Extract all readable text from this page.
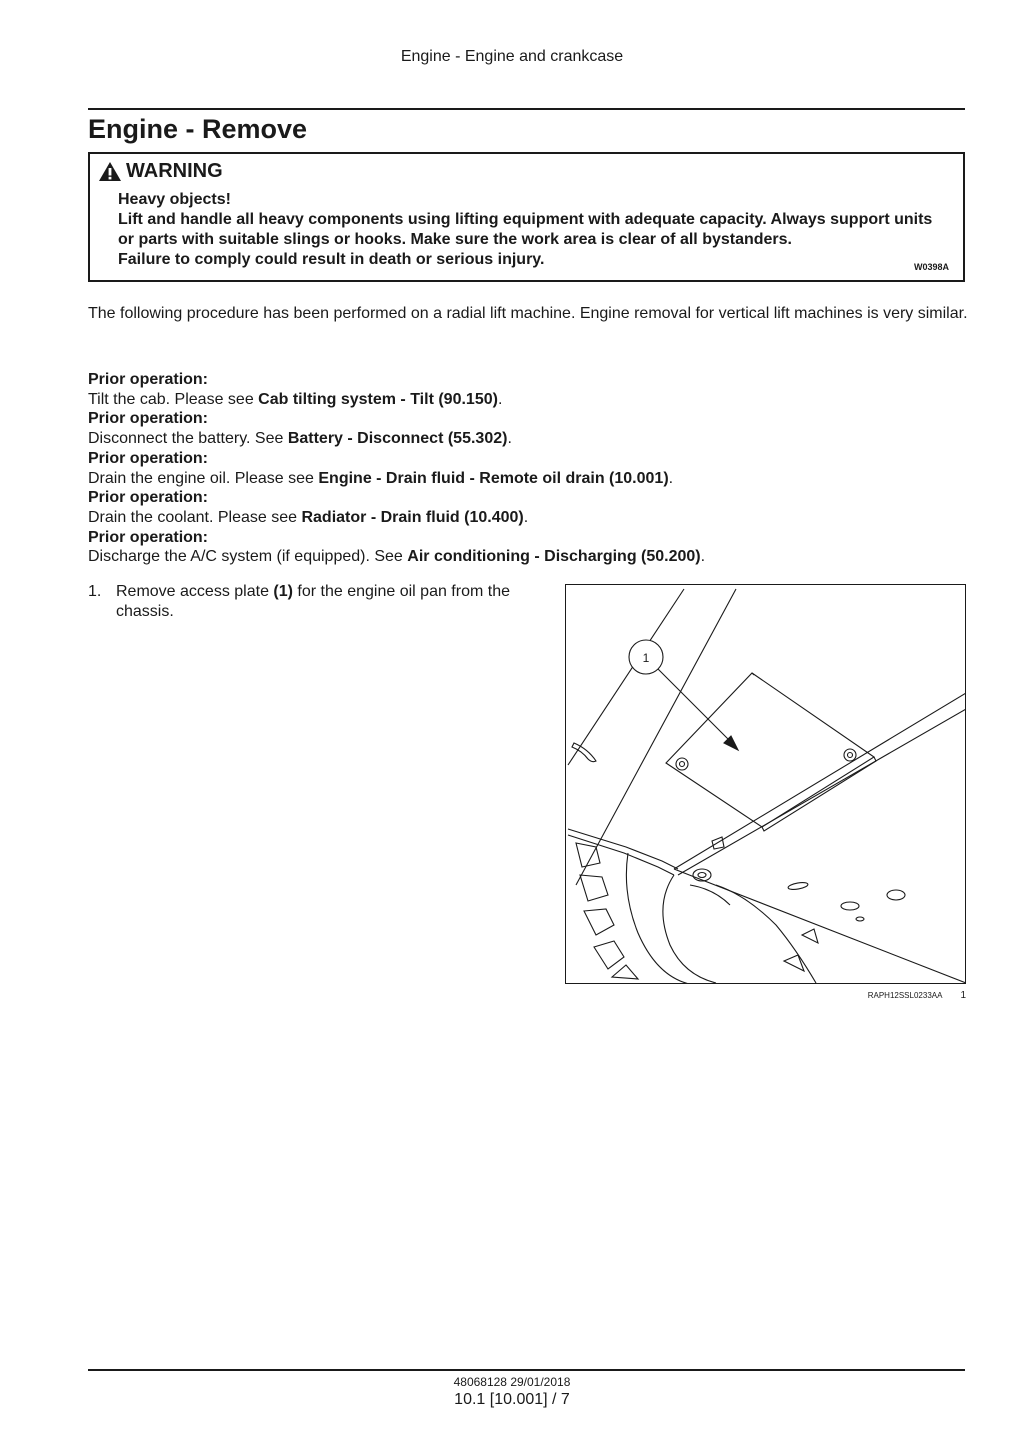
Engine - Engine and crankcase
Engine - Remove
WARNING
Heavy objects!
Lift and handle all heavy components using lifting equipment with adequate capacity. Always support units or parts with suitable slings or hooks. Make sure the work area is clear of all bystanders.
Failure to comply could result in death or serious injury.	W0398A

The following procedure has been performed on a radial lift machine. Engine removal for vertical lift machines is very similar.

Prior operation:
Tilt the cab. Please see Cab tilting system - Tilt (90.150).
Prior operation:
Disconnect the battery. See Battery - Disconnect (55.302).
Prior operation:
Drain the engine oil. Please see Engine - Drain fluid - Remote oil drain (10.001).
Prior operation:
Drain the coolant. Please see Radiator - Drain fluid (10.400).
Prior operation:
Discharge the A/C system (if equipped). See Air conditioning - Discharging (50.200).
1. Remove access plate (1) for the engine oil pan from the chassis.
1
RAPH12SSL0233AA 1
48068128 29/01/2018
10.1 [10.001] / 7
